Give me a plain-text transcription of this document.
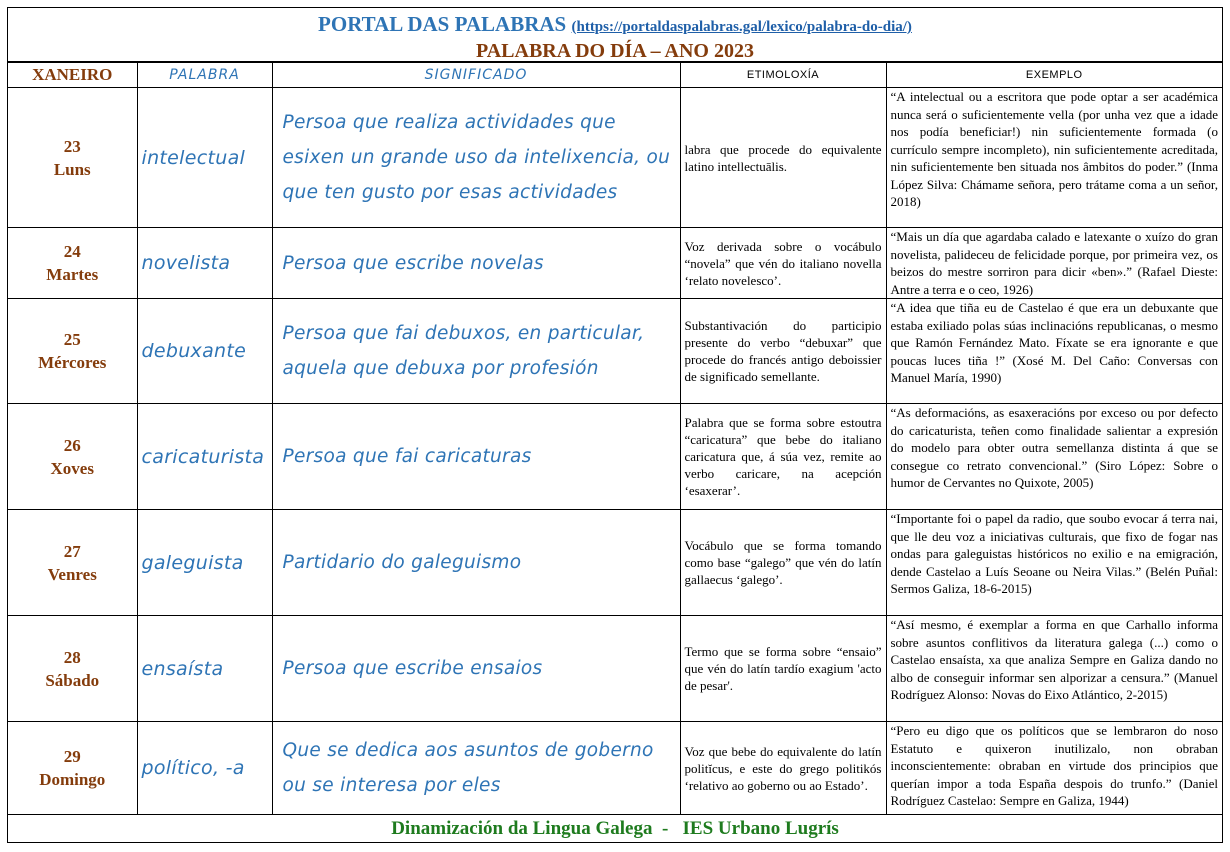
PORTAL DAS PALABRAS (https://portaldaspalabras.gal/lexico/palabra-do-dia/)
PALABRA DO DÍA – ANO 2023
XANEIRO	PALABRA	SIGNIFICADO	ETIMOLOXÍA	EXEMPLO
23
Luns	intelectual	Persoa que realiza actividades que esixen un grande uso da intelixencia, ou que ten gusto por esas actividades	labra que procede do equivalente latino intellectuālis.	“A intelectual ou a escritora que pode optar a ser académica nunca será o suficientemente vella (por unha vez que a idade nos podía beneficiar!) nin suficientemente formada (o currículo sempre incompleto), nin suficientemente acreditada, nin suficientemente ben situada nos âmbitos do poder.” (Inma López Silva: Chámame señora, pero trátame coma a un señor, 2018)
24
Martes	novelista	Persoa que escribe novelas	Voz derivada sobre o vocábulo “novela” que vén do italiano novella ‘relato novelesco’.	“Mais un día que agardaba calado e latexante o xuízo do gran novelista, palideceu de felicidade porque, por primeira vez, os beizos do mestre sorriron para dicir «ben».” (Rafael Dieste: Antre a terra e o ceo, 1926)
25
Mércores	debuxante	Persoa que fai debuxos, en particular, aquela que debuxa por profesión	Substantivación do participio presente do verbo “debuxar” que procede do francés antigo deboissier de significado semellante.	“A idea que tiña eu de Castelao é que era un debuxante que estaba exiliado polas súas inclinacións republicanas, o mesmo que Ramón Fernández Mato. Fíxate se era ignorante e que poucas luces tiña !” (Xosé M. Del Caño: Conversas con Manuel María, 1990)
26
Xoves	caricaturista	Persoa que fai caricaturas	Palabra que se forma sobre estoutra “caricatura” que bebe do italiano caricatura que, á súa vez, remite ao verbo caricare, na acepción ‘esaxerar’.	“As deformacións, as esaxeracións por exceso ou por defecto do caricaturista, teñen como finalidade salientar a expresión do modelo para obter outra semellanza distinta á que se consegue co retrato convencional.” (Siro López: Sobre o humor de Cervantes no Quixote, 2005)
27
Venres	galeguista	Partidario do galeguismo	Vocábulo que se forma tomando como base “galego” que vén do latín gallaecus ‘galego’.	“Importante foi o papel da radio, que soubo evocar á terra nai, que lle deu voz a iniciativas culturais, que fixo de fogar nas ondas para galeguistas históricos no exilio e na emigración, dende Castelao a Luís Seoane ou Neira Vilas.” (Belén Puñal: Sermos Galiza, 18-6-2015)
28
Sábado	ensaísta	Persoa que escribe ensaios	Termo que se forma sobre “ensaio” que vén do latín tardío exagium 'acto de pesar'.	“Así mesmo, é exemplar a forma en que Carhallo informa sobre asuntos conflitivos da literatura galega (...) como o Castelao ensaísta, xa que analiza Sempre en Galiza dando no albo de conseguir informar sen alporizar a censura.” (Manuel Rodríguez Alonso: Novas do Eixo Atlántico, 2-2015)
29
Domingo	político, -a	Que se dedica aos asuntos de goberno ou se interesa por eles	Voz que bebe do equivalente do latín politĭcus, e este do grego politikós ‘relativo ao goberno ou ao Estado’.	“Pero eu digo que os políticos que se lembraron do noso Estatuto e quixeron inutilizalo, non obraban inconscientemente: obraban en virtude dos principios que querían impor a toda España despois do trunfo.” (Daniel Rodríguez Castelao: Sempre en Galiza, 1944)
Dinamización da Lingua Galega  -   IES Urbano Lugrís
